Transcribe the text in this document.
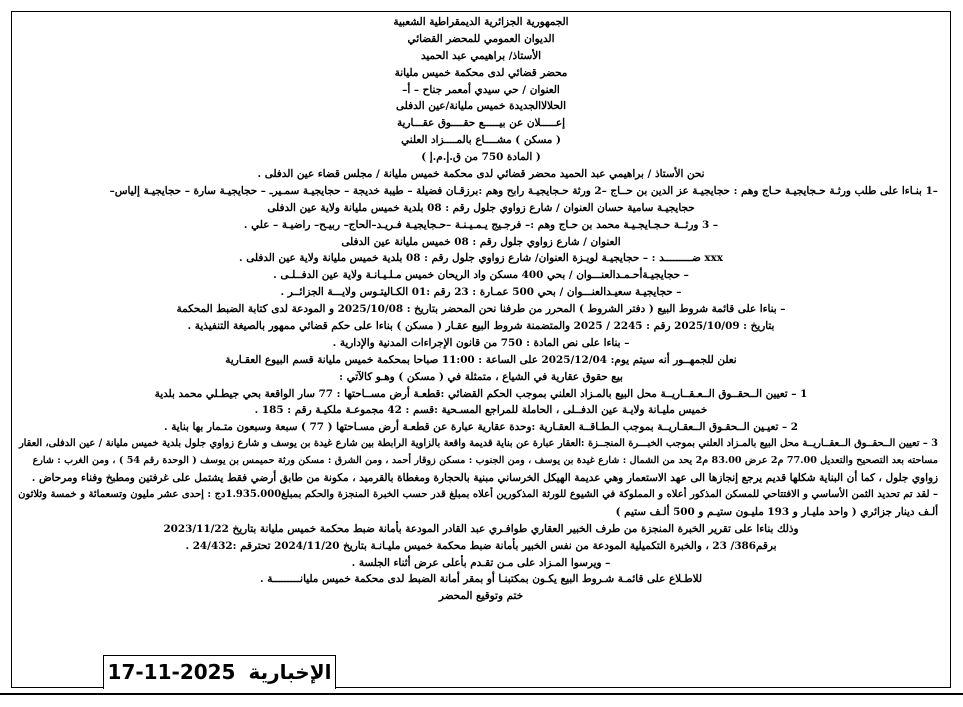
الجمهورية الجزائرية الديمقراطية الشعبية
الديوان العمومي للمحضر القضائي
الأستاذ/ براهيمي عبد الحميد
محضر قضائي لدى محكمة خميس مليانة
العنوان / حي سيدي أمعمر جناح – أ–
الحلالاالجديدة خميس مليانة/عين الدفلى
إعـــــلان عن بيـــــع حقــــوق عقـــارية
( مسكن ) مشــــاع بالمــــزاد العلني
( المادة 750 من ق.إ.م.إ )
نحن الأستاذ / براهيمي عبد الحميد محضر قضائي لدى محكمة خميس مليانة / مجلس قضاء عين الدفلى .
–1 بنـاءا على طلب ورثـة حـجايجيـة حـاج وهم : حجايجيـة عز الدين بن حــاج –2 ورثة حـجايجيـة رابح وهم :برزقـان فضيلة – طيبة خديجة – حجايجيـة سمـيرـ – حجايجيـة سارة – حجايجيـة إلياس–
حجايجيـة سامية حسان العنوان / شارع زواوي جلول رقم : 08 بلدية خميس مليانة ولاية عين الدفلى
– 3 ورثــة حـجـايجـيـة محمد بن حـاج وهم :– فرجـيج يـمـيـنـة –حـجايجيـة فـريـد–الحاج– ربيـح– راضيـة – علي .
العنوان / شارع زواوي جلول رقم : 08 خميس مليانة عين الدفلى
xxx ضـــــــــد : – حجايجيـة لويـزة العنوان/ شارع زواوي جلول رقم : 08 بلدية خميس مليانة ولاية عين الدفلى .
– حجايجيـةأحـمـدالعنـــوان / بحي 400 مسكن واد الريحان خميس مـلـيـانـة ولاية عين الدفــلـى .
– حجايجيـة سعيـدالعنـــوان / بحي 500 عمـارة : 23 رقم :01 الكـاليتـوس ولايـــة الجزائــر .
– بناءا على قائمة شروط البيع ( دفتر الشروط ) المحرر من طرفنا نحن المحضر بتاريخ : 2025/10/08 و المودعة لدى كتابة الضبط المحكمة
بتاريخ : 2025/10/09 رقم : 2245 / 2025 والمتضمنة شروط البيع عقـار ( مسكن ) بناءا على حكم قضائي ممهور بالصيغة التنفيذية .
– بناءا على نص المادة : 750 من قانون الإجراءات المدنية والإدارية .
نعلن للجمهــور أنه سيتم يوم: 2025/12/04 على الساعة : 11:00 صباحا بمحكمة خميس مليانة قسم البيوع العقـارية
بيع حقوق عقارية في الشياع ، متمثلة في ( مسكن ) وهـو كالآتي :
1 – تعيين الــحقــوق الــعـقــاريــة محل البيع بالمـزاد العلني بموجب الحكم القضائي :قطعـة أرض مســاحتها : 77 سار الواقعة بحي جيطـلي محمد بلدية
خميس مليـانة ولايـة عين الدفــلى ، الحاملة للمراجع المسـحية :قسم : 42 مجموعـة ملكيـة رقم : 185 .
2 – تعيـين الــحقـوق الــعقـاريــة بموجب الـطـاقــة العقـارية :وحدة عقارية عبارة عن قطعـة أرض مسـاحتها ( 77 ) سبعة وسبعون متـمار بها بناية .
3 – تعيين الــحقــوق الــعقــاريــة محل البيع بالمـزاد العلني بموجب الخبـــرة المنجــزة :العقار عبارة عن بناية قديمة واقعة بالزاوية الرابطة بين شارع غيدة بن يوسف و شارع زواوي جلول بلدية خميس مليانة / عين الدفلى، العقار
مساحته بعد التصحيح والتعديل 77.00 م2 عرض 83.00 م2 يحد من الشمال : شارع غيدة بن يوسف ، ومن الجنوب : مسكن زوقار أحمد ، ومن الشرق : مسكن ورثة حميمس بن يوسف ( الوحدة رقم 54 ) ، ومن الغرب : شارع
زواوي جلول ، كما أن البناية شكلها قديم يرجع إنجازها الى عهد الاستعمار وهي عديمة الهيكل الخرساني مبنية بالحجارة ومغطاة بالقرميد ، مكونة من طابق أرضي فقط يشتمل على غرفتين ومطبخ وفناء ومرحاض .
– لقد تم تحديد الثمن الأساسي و الافتتاحي للمسكن المذكور أعلاه و المملوكة في الشيوع للورثة المذكورين أعلاه بمبلغ قدر حسب الخبرة المنجزة والحكم بمبلغ1.935.000دج : إحدى عشر مليون وتسعمائة و خمسة وثلاثون
ألـف دينار جزائري ( واحد مليـار و 193 مليـون ستيـم و 500 ألـف ستيم )
وذلك بناءا على تقرير الخبرة المنجزة من طرف الخبير العقاري طوافـري عبد القادر المودعة بأمانة ضبط محكمة خميس مليانة بتاريخ 2023/11/22
برقم386/ 23 ، والخبرة التكميلية المودعة من نفس الخبير بأمانة ضبط محكمة خميس مليـانـة بتاريخ 2024/11/20 تحترقم :24/432 .
– ويرسوا المـزاد على مـن تقـدم بأعلى عرض أثناء الجلسة .
للاطـلاع على قائمـة شـروط البيع يكـون بمكتبنـا أو بمقر أمانة الضبط لدى محكمة خميس مليانـــــــــة .
ختم وتوقيع المحضر
الإخبارية 17-11-2025
